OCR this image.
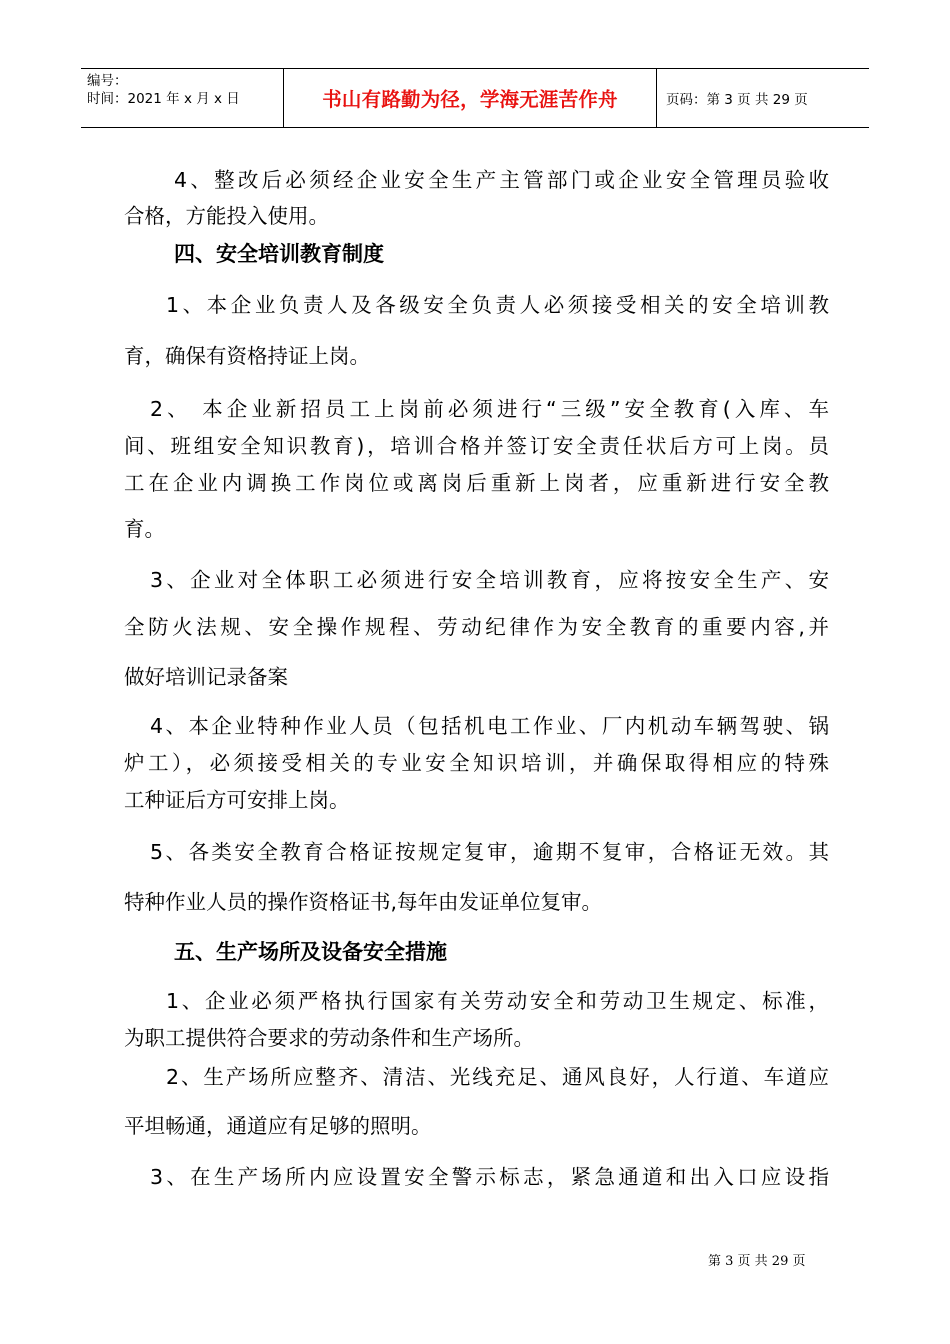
编号：
时间：2021 年 x 月 x 日	书山有路勤为径，学海无涯苦作舟	页码：第 3 页 共 29 页
4、整改后必须经企业安全生产主管部门或企业安全管理员验收
合格，方能投入使用。
四、安全培训教育制度
1、本企业负责人及各级安全负责人必须接受相关的安全培训教
育，确保有资格持证上岗。
2、 本企业新招员工上岗前必须进行“三级”安全教育(入库、车
间、班组安全知识教育)，培训合格并签订安全责任状后方可上岗。员
工在企业内调换工作岗位或离岗后重新上岗者，应重新进行安全教
育。
3、企业对全体职工必须进行安全培训教育，应将按安全生产、安
全防火法规、安全操作规程、劳动纪律作为安全教育的重要内容,并
做好培训记录备案
4、本企业特种作业人员（包括机电工作业、厂内机动车辆驾驶、锅
炉工），必须接受相关的专业安全知识培训，并确保取得相应的特殊
工种证后方可安排上岗。
5、各类安全教育合格证按规定复审，逾期不复审，合格证无效。其
特种作业人员的操作资格证书,每年由发证单位复审。
五、生产场所及设备安全措施
1、企业必须严格执行国家有关劳动安全和劳动卫生规定、标准，
为职工提供符合要求的劳动条件和生产场所。
2、生产场所应整齐、清洁、光线充足、通风良好，人行道、车道应
平坦畅通，通道应有足够的照明。
3、在生产场所内应设置安全警示标志，紧急通道和出入口应设指
第 3 页 共 29 页
